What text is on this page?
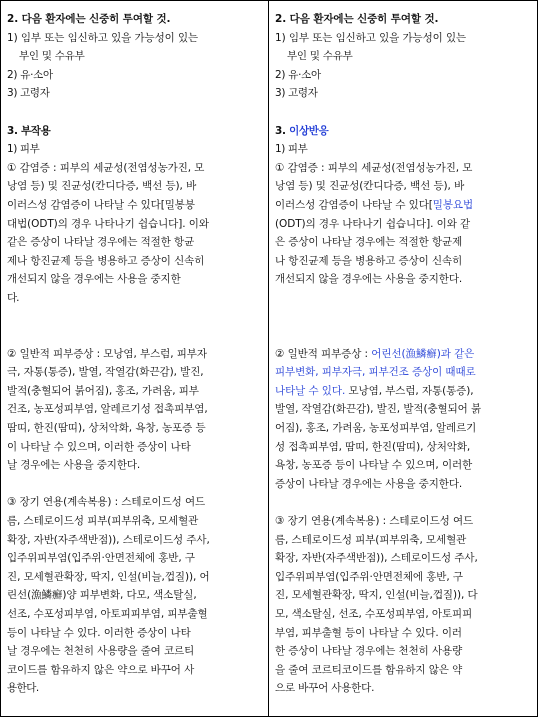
2. 다음 환자에는 신중히 투여할 것.
1) 임부 또는 임신하고 있을 가능성이 있는
부인 및 수유부
2) 유·소아
3) 고령자
3. 부작용
1) 피부
① 감염증 : 피부의 세균성(전염성농가진, 모
낭염 등) 및 진균성(칸디다증, 백선 등), 바
이러스성 감염증이 나타날 수 있다[밀봉붕
대법(ODT)의 경우 나타나기 쉽습니다]. 이와
같은 증상이 나타날 경우에는 적절한 항균
제나 항진균제 등을 병용하고 증상이 신속히
개선되지 않을 경우에는 사용을 중지한
다.
② 일반적 피부증상 : 모낭염, 부스럼, 피부자
극, 자통(통증), 발열, 작열감(화끈감), 발진,
발적(충혈되어 붉어짐), 홍조, 가려움, 피부
건조, 농포성피부염, 알레르기성 접촉피부염,
땀띠, 한진(땀띠), 상처악화, 욕창, 농포증 등
이 나타날 수 있으며, 이러한 증상이 나타
날 경우에는 사용을 중지한다.
③ 장기 연용(계속복용) : 스테로이드성 여드
름, 스테로이드성 피부(피부위축, 모세혈관
확장, 자반(자주색반점)), 스테로이드성 주사,
입주위피부염(입주위·안면전체에 홍반, 구
진, 모세혈관확장, 딱지, 인설(비늘,껍질)), 어
린선(漁鱗癬)양 피부변화, 다모, 색소탈실,
선조, 수포성피부염, 아토피피부염, 피부출혈
등이 나타날 수 있다. 이러한 증상이 나타
날 경우에는 천천히 사용량을 줄여 코르티
코이드를 함유하지 않은 약으로 바꾸어 사
용한다.
2. 다음 환자에는 신중히 투여할 것.
1) 임부 또는 임신하고 있을 가능성이 있는
부인 및 수유부
2) 유·소아
3) 고령자
3. 이상반응
1) 피부
① 감염증 : 피부의 세균성(전염성농가진, 모
낭염 등) 및 진균성(칸디다증, 백선 등), 바
이러스성 감염증이 나타날 수 있다[밀봉요법
(ODT)의 경우 나타나기 쉽습니다]. 이와 같
은 증상이 나타날 경우에는 적절한 항균제
나 항진균제 등을 병용하고 증상이 신속히
개선되지 않을 경우에는 사용을 중지한다.
② 일반적 피부증상 : 어린선(漁鱗癬)과 같은
피부변화, 피부자극, 피부건조 증상이 때때로
나타날 수 있다. 모낭염, 부스럼, 자통(통증),
발열, 작열감(화끈감), 발진, 발적(충혈되어 붉
어짐), 홍조, 가려움, 농포성피부염, 알레르기
성 접촉피부염, 땀띠, 한진(땀띠), 상처악화,
욕창, 농포증 등이 나타날 수 있으며, 이러한
증상이 나타날 경우에는 사용을 중지한다.
③ 장기 연용(계속복용) : 스테로이드성 여드
름, 스테로이드성 피부(피부위축, 모세혈관
확장, 자반(자주색반점)), 스테로이드성 주사,
입주위피부염(입주위·안면전체에 홍반, 구
진, 모세혈관확장, 딱지, 인설(비늘,껍질)), 다
모, 색소탈실, 선조, 수포성피부염, 아토피피
부염, 피부출혈 등이 나타날 수 있다. 이러
한 증상이 나타날 경우에는 천천히 사용량
을 줄여 코르티코이드를 함유하지 않은 약
으로 바꾸어 사용한다.
